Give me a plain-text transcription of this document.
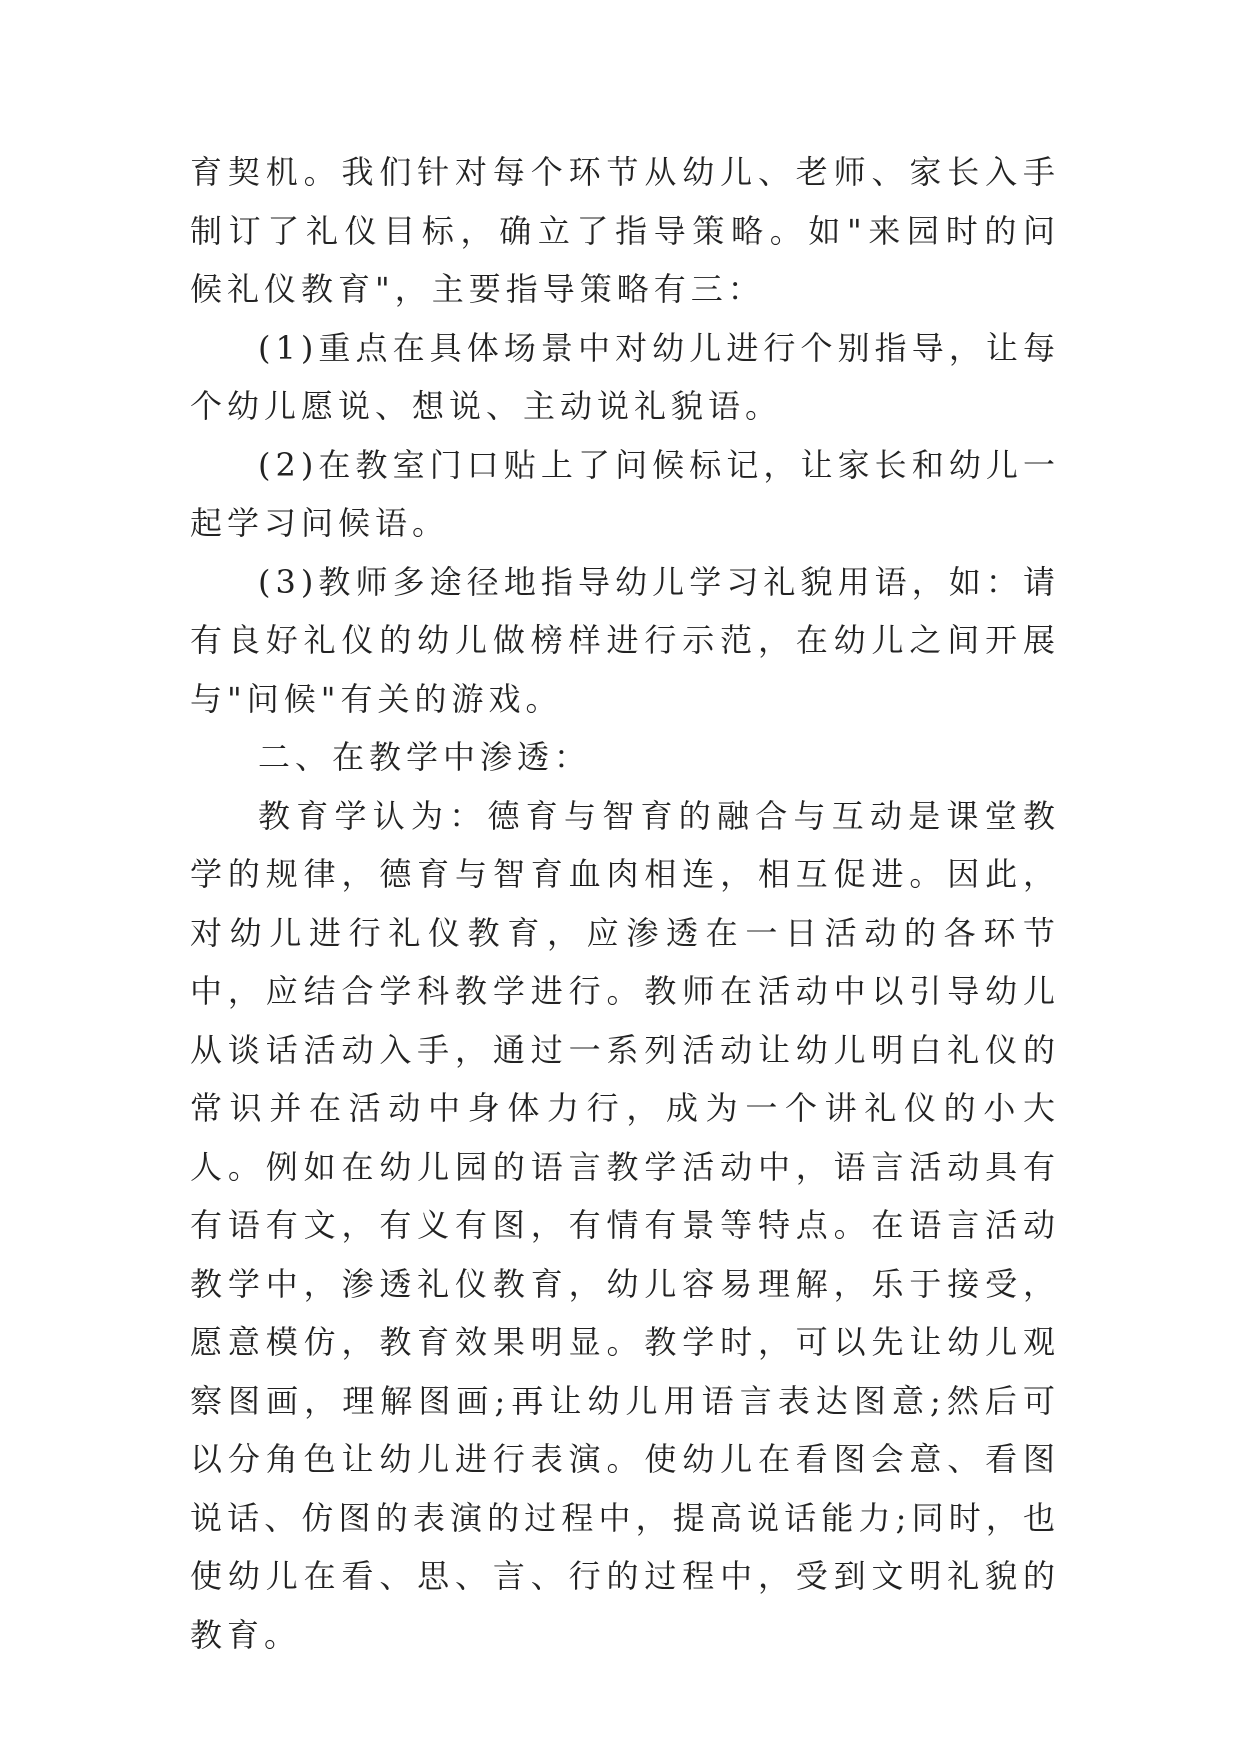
育契机。我们针对每个环节从幼儿、老师、家长入手制订了礼仪目标，确立了指导策略。如"来园时的问候礼仪教育"，主要指导策略有三：

(1)重点在具体场景中对幼儿进行个别指导，让每个幼儿愿说、想说、主动说礼貌语。

(2)在教室门口贴上了问候标记，让家长和幼儿一起学习问候语。

(3)教师多途径地指导幼儿学习礼貌用语，如：请有良好礼仪的幼儿做榜样进行示范，在幼儿之间开展与"问候"有关的游戏。

二、在教学中渗透：

教育学认为：德育与智育的融合与互动是课堂教学的规律，德育与智育血肉相连，相互促进。因此，对幼儿进行礼仪教育，应渗透在一日活动的各环节中，应结合学科教学进行。教师在活动中以引导幼儿从谈话活动入手，通过一系列活动让幼儿明白礼仪的常识并在活动中身体力行，成为一个讲礼仪的小大人。例如在幼儿园的语言教学活动中，语言活动具有有语有文，有义有图，有情有景等特点。在语言活动教学中，渗透礼仪教育，幼儿容易理解，乐于接受，愿意模仿，教育效果明显。教学时，可以先让幼儿观察图画，理解图画;再让幼儿用语言表达图意;然后可以分角色让幼儿进行表演。使幼儿在看图会意、看图说话、仿图的表演的过程中，提高说话能力;同时，也使幼儿在看、思、言、行的过程中，受到文明礼貌的教育。
